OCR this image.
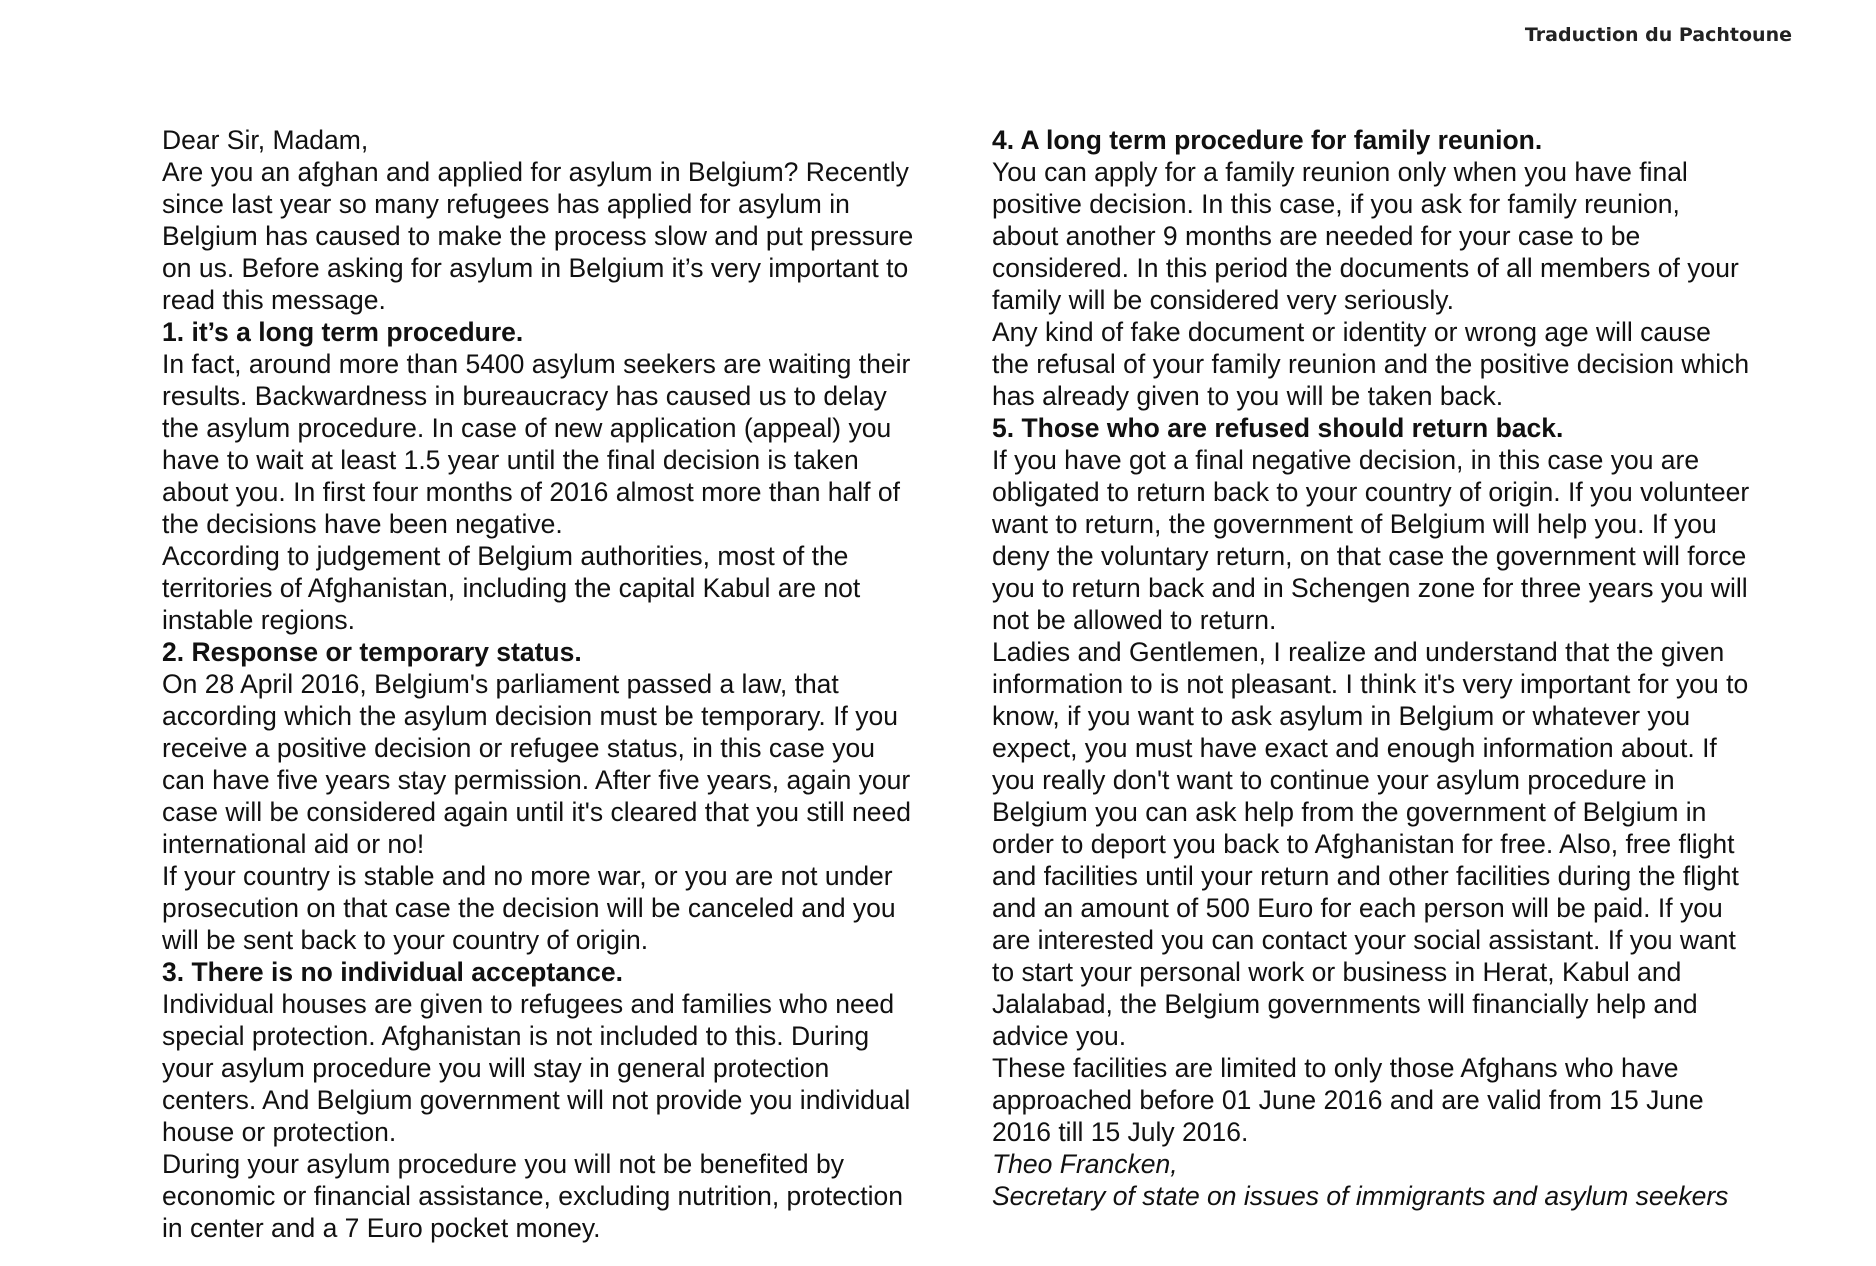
Traduction du Pachtoune

Dear Sir, Madam,

Are you an afghan and applied for asylum in Belgium? Recently since last year so many refugees has applied for asylum in Belgium has caused to make the process slow and put pressure on us. Before asking for asylum in Belgium it’s very important to read this message.

1. it’s a long term procedure.

In fact, around more than 5400 asylum seekers are waiting their results. Backwardness in bureaucracy has caused us to delay the asylum procedure. In case of new application (appeal) you have to wait at least 1.5 year until the final decision is taken about you. In first four months of 2016 almost more than half of the decisions have been negative.

According to judgement of Belgium authorities, most of the territories of Afghanistan, including the capital Kabul are not instable regions.

2. Response or temporary status.

On 28 April 2016, Belgium's parliament passed a law, that according which the asylum decision must be temporary. If you receive a positive decision or refugee status, in this case you can have five years stay permission. After five years, again your case will be considered again until it's cleared that you still need international aid or no!

If your country is stable and no more war, or you are not under prosecution on that case the decision will be canceled and you will be sent back to your country of origin.

3. There is no individual acceptance.

Individual houses are given to refugees and families who need special protection. Afghanistan is not included to this. During your asylum procedure you will stay in general protection centers. And Belgium government will not provide you individual house or protection.

During your asylum procedure you will not be benefited by economic or financial assistance, excluding nutrition, protection in center and a 7 Euro pocket money.

4. A long term procedure for family reunion.

You can apply for a family reunion only when you have final positive decision. In this case, if you ask for family reunion, about another 9 months are needed for your case to be considered. In this period the documents of all members of your family will be considered very seriously.

Any kind of fake document or identity or wrong age will cause the refusal of your family reunion and the positive decision which has already given to you will be taken back.

5. Those who are refused should return back.

If you have got a final negative decision, in this case you are obligated to return back to your country of origin. If you volunteer want to return, the government of Belgium will help you. If you deny the voluntary return, on that case the government will force you to return back and in Schengen zone for three years you will not be allowed to return.

Ladies and Gentlemen, I realize and understand that the given information to is not pleasant. I think it's very important for you to know, if you want to ask asylum in Belgium or whatever you expect, you must have exact and enough information about. If you really don't want to continue your asylum procedure in Belgium you can ask help from the government of Belgium in order to deport you back to Afghanistan for free. Also, free flight and facilities until your return and other facilities during the flight and an amount of 500 Euro for each person will be paid. If you are interested you can contact your social assistant. If you want to start your personal work or business in Herat, Kabul and Jalalabad, the Belgium governments will financially help and advice you.

These facilities are limited to only those Afghans who have approached before 01 June 2016 and are valid from 15 June 2016 till 15 July 2016.

Theo Francken,

Secretary of state on issues of immigrants and asylum seekers
